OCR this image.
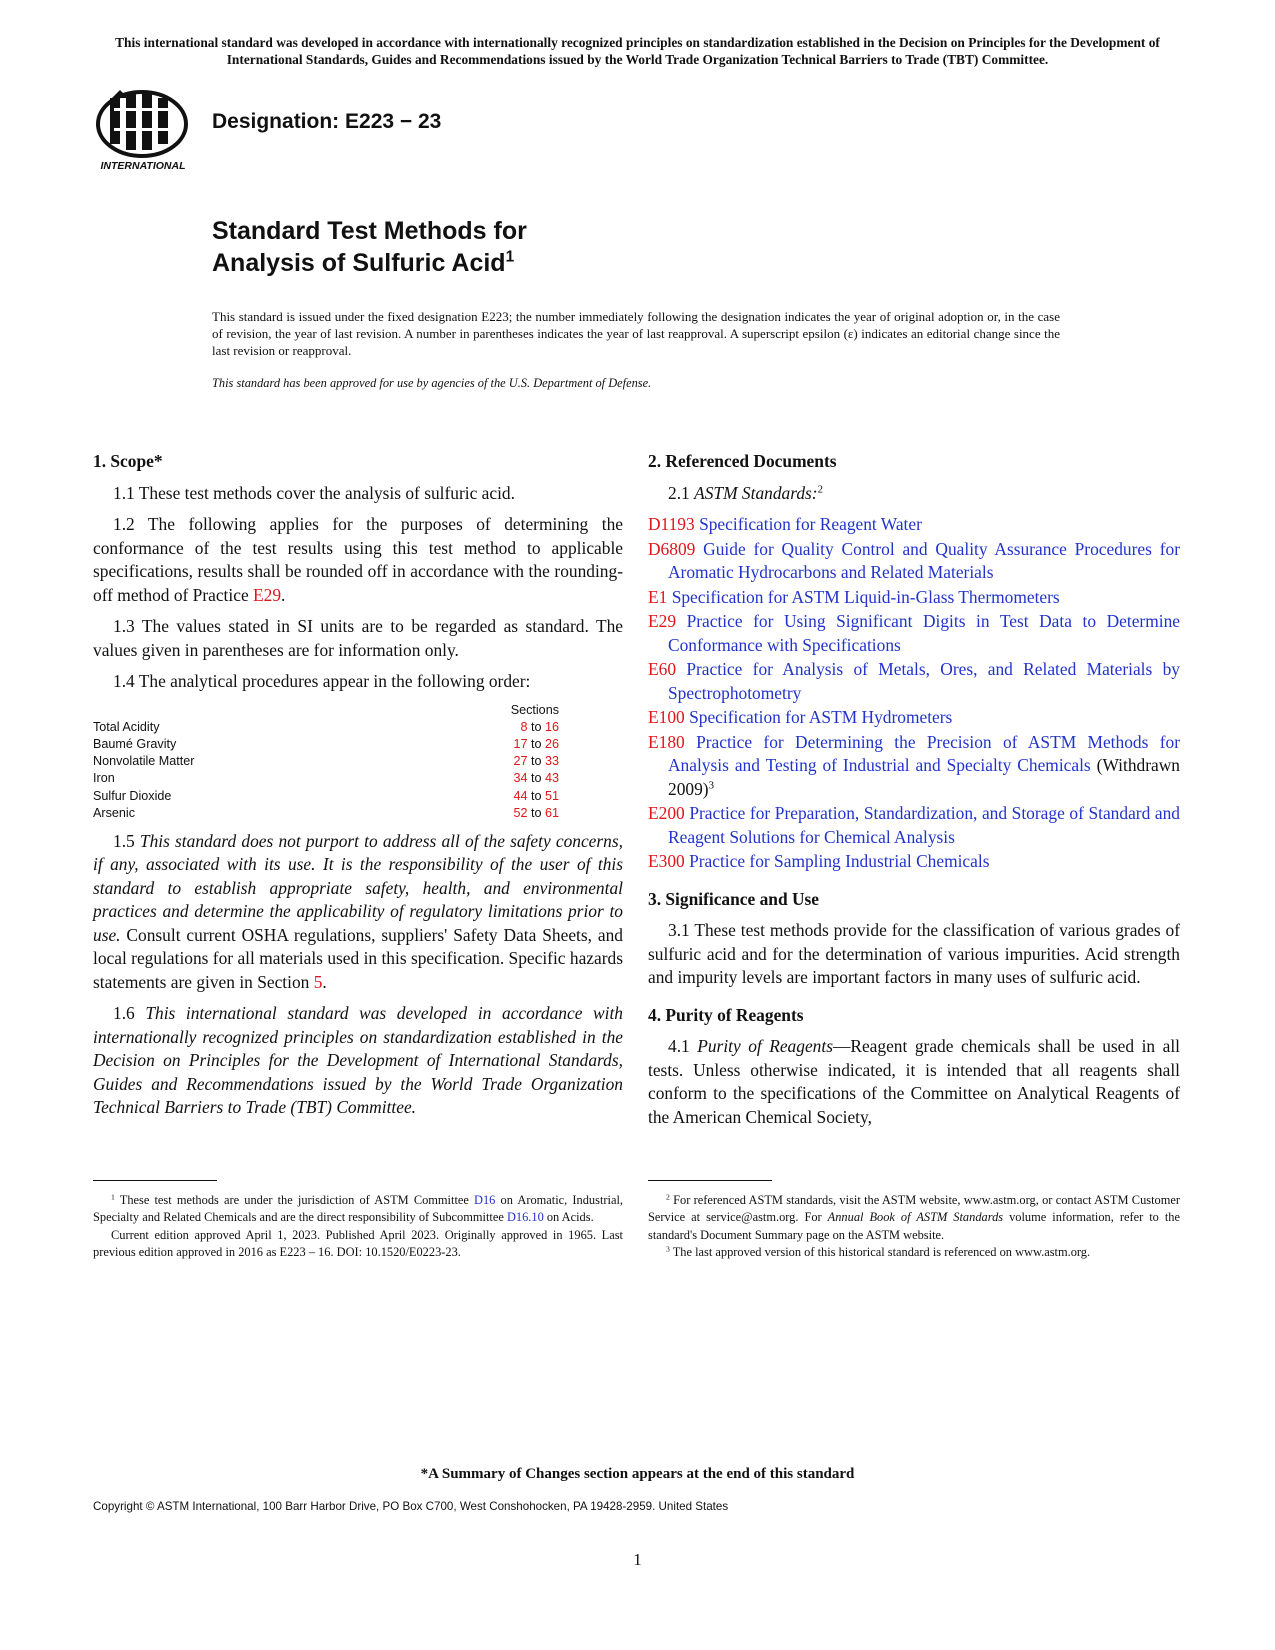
This international standard was developed in accordance with internationally recognized principles on standardization established in the Decision on Principles for the Development of International Standards, Guides and Recommendations issued by the World Trade Organization Technical Barriers to Trade (TBT) Committee.
INTERNATIONAL
Designation: E223 − 23
Standard Test Methods for
Analysis of Sulfuric Acid$^1$
This standard is issued under the fixed designation E223; the number immediately following the designation indicates the year of original adoption or, in the case of revision, the year of last revision. A number in parentheses indicates the year of last reapproval. A superscript epsilon (ε) indicates an editorial change since the last revision or reapproval.
This standard has been approved for use by agencies of the U.S. Department of Defense.
1. Scope*

1.1 These test methods cover the analysis of sulfuric acid.

1.2 The following applies for the purposes of determining the conformance of the test results using this test method to applicable specifications, results shall be rounded off in accordance with the rounding-off method of Practice E29.

1.3 The values stated in SI units are to be regarded as standard. The values given in parentheses are for information only.

1.4 The analytical procedures appear in the following order:

Sections
Total Acidity	8 to 16
Baumé Gravity	17 to 26
Nonvolatile Matter	27 to 33
Iron	34 to 43
Sulfur Dioxide	44 to 51
Arsenic	52 to 61

1.5 This standard does not purport to address all of the safety concerns, if any, associated with its use. It is the responsibility of the user of this standard to establish appropriate safety, health, and environmental practices and determine the applicability of regulatory limitations prior to use. Consult current OSHA regulations, suppliers' Safety Data Sheets, and local regulations for all materials used in this specification. Specific hazards statements are given in Section 5.

1.6 This international standard was developed in accordance with internationally recognized principles on standardization established in the Decision on Principles for the Development of International Standards, Guides and Recommendations issued by the World Trade Organization Technical Barriers to Trade (TBT) Committee.

2. Referenced Documents

2.1 ASTM Standards:$^2$

D1193 Specification for Reagent Water
D6809 Guide for Quality Control and Quality Assurance Procedures for Aromatic Hydrocarbons and Related Materials
E1 Specification for ASTM Liquid-in-Glass Thermometers
E29 Practice for Using Significant Digits in Test Data to Determine Conformance with Specifications
E60 Practice for Analysis of Metals, Ores, and Related Materials by Spectrophotometry
E100 Specification for ASTM Hydrometers
E180 Practice for Determining the Precision of ASTM Methods for Analysis and Testing of Industrial and Specialty Chemicals (Withdrawn 2009)$^3$
E200 Practice for Preparation, Standardization, and Storage of Standard and Reagent Solutions for Chemical Analysis
E300 Practice for Sampling Industrial Chemicals
3. Significance and Use

3.1 These test methods provide for the classification of various grades of sulfuric acid and for the determination of various impurities. Acid strength and impurity levels are important factors in many uses of sulfuric acid.

4. Purity of Reagents

4.1 Purity of Reagents—Reagent grade chemicals shall be used in all tests. Unless otherwise indicated, it is intended that all reagents shall conform to the specifications of the Committee on Analytical Reagents of the American Chemical Society,

$^1$ These test methods are under the jurisdiction of ASTM Committee D16 on Aromatic, Industrial, Specialty and Related Chemicals and are the direct responsibility of Subcommittee D16.10 on Acids.

Current edition approved April 1, 2023. Published April 2023. Originally approved in 1965. Last previous edition approved in 2016 as E223 – 16. DOI: 10.1520/E0223-23.

$^2$ For referenced ASTM standards, visit the ASTM website, www.astm.org, or contact ASTM Customer Service at service@astm.org. For Annual Book of ASTM Standards volume information, refer to the standard's Document Summary page on the ASTM website.

$^3$ The last approved version of this historical standard is referenced on www.astm.org.

*A Summary of Changes section appears at the end of this standard
Copyright © ASTM International, 100 Barr Harbor Drive, PO Box C700, West Conshohocken, PA 19428-2959. United States
1
